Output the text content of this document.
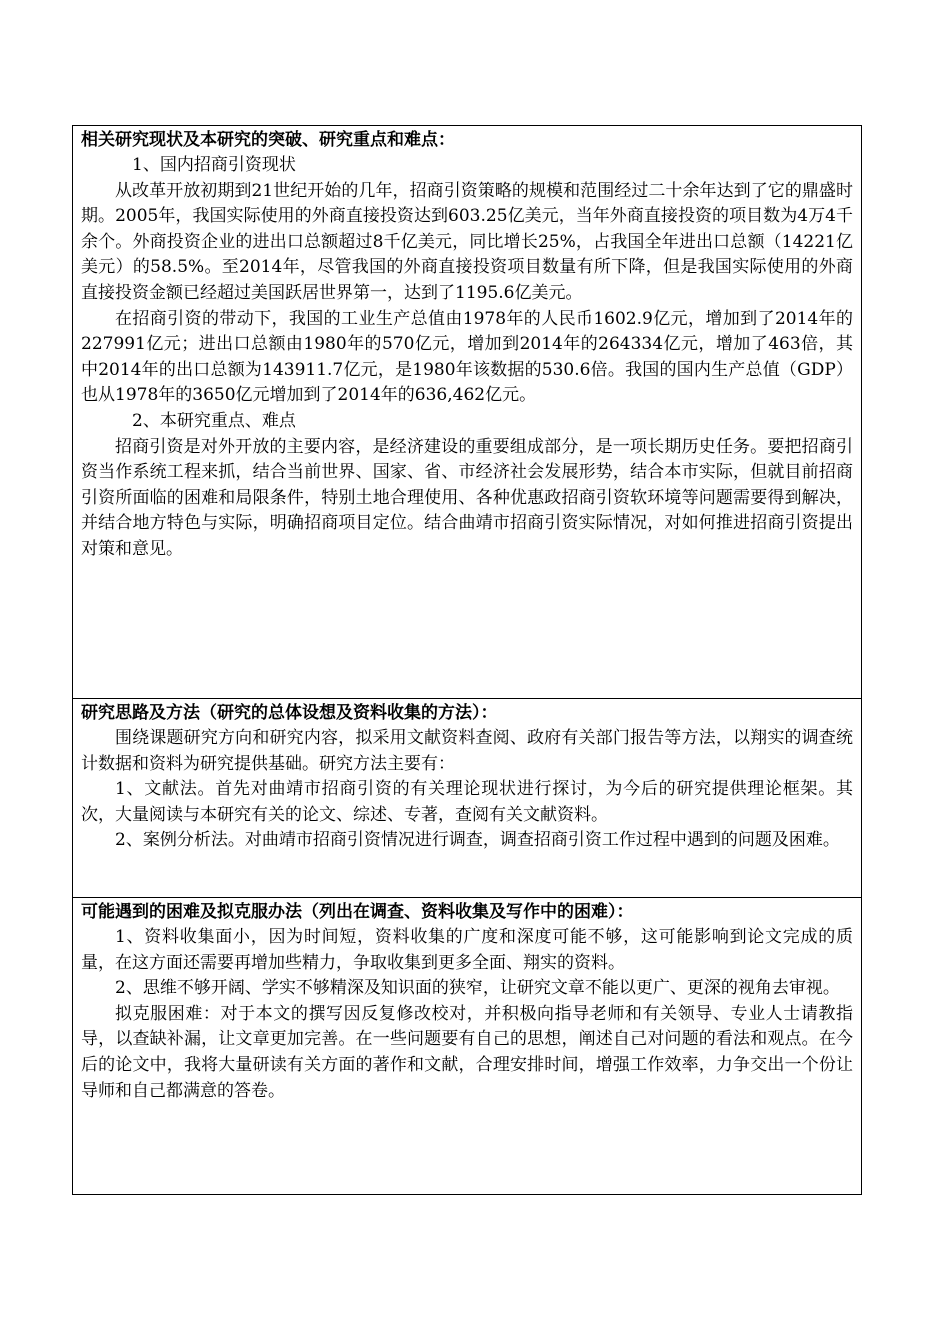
相关研究现状及本研究的突破、研究重点和难点：

1、国内招商引资现状

从改革开放初期到21世纪开始的几年，招商引资策略的规模和范围经过二十余年达到了它的鼎盛时期。2005年，我国实际使用的外商直接投资达到603.25亿美元，当年外商直接投资的项目数为4万4千余个。外商投资企业的进出口总额超过8千亿美元，同比增长25%，占我国全年进出口总额（14221亿美元）的58.5%。至2014年，尽管我国的外商直接投资项目数量有所下降，但是我国实际使用的外商直接投资金额已经超过美国跃居世界第一，达到了1195.6亿美元。

在招商引资的带动下，我国的工业生产总值由1978年的人民币1602.9亿元，增加到了2014年的227991亿元；进出口总额由1980年的570亿元，增加到2014年的264334亿元，增加了463倍，其中2014年的出口总额为143911.7亿元，是1980年该数据的530.6倍。我国的国内生产总值（GDP）也从1978年的3650亿元增加到了2014年的636,462亿元。

2、本研究重点、难点

招商引资是对外开放的主要内容，是经济建设的重要组成部分，是一项长期历史任务。要把招商引资当作系统工程来抓，结合当前世界、国家、省、市经济社会发展形势，结合本市实际，但就目前招商引资所面临的困难和局限条件，特别土地合理使用、各种优惠政招商引资软环境等问题需要得到解决，并结合地方特色与实际，明确招商项目定位。结合曲靖市招商引资实际情况，对如何推进招商引资提出对策和意见。

研究思路及方法（研究的总体设想及资料收集的方法）：

围绕课题研究方向和研究内容，拟采用文献资料查阅、政府有关部门报告等方法，以翔实的调查统计数据和资料为研究提供基础。研究方法主要有：

1、文献法。首先对曲靖市招商引资的有关理论现状进行探讨，为今后的研究提供理论框架。其次，大量阅读与本研究有关的论文、综述、专著，查阅有关文献资料。

2、案例分析法。对曲靖市招商引资情况进行调查，调查招商引资工作过程中遇到的问题及困难。

可能遇到的困难及拟克服办法（列出在调查、资料收集及写作中的困难）：

1、资料收集面小，因为时间短，资料收集的广度和深度可能不够，这可能影响到论文完成的质量，在这方面还需要再增加些精力，争取收集到更多全面、翔实的资料。

2、思维不够开阔、学实不够精深及知识面的狭窄，让研究文章不能以更广、更深的视角去审视。

拟克服困难：对于本文的撰写因反复修改校对，并积极向指导老师和有关领导、专业人士请教指导，以查缺补漏，让文章更加完善。在一些问题要有自己的思想，阐述自己对问题的看法和观点。在今后的论文中，我将大量研读有关方面的著作和文献，合理安排时间，增强工作效率，力争交出一个份让导师和自己都满意的答卷。
